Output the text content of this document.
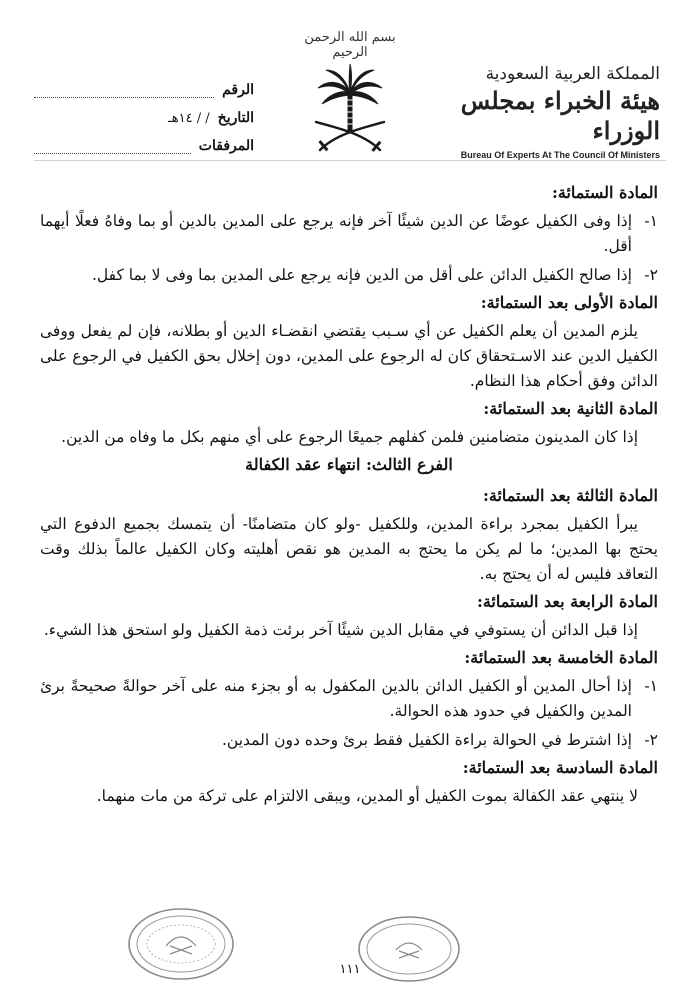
المملكة العربية السعودية
هيئة الخبراء بمجلس الوزراء
Bureau Of Experts At The Council Of Ministers
بسم الله الرحمن الرحيم
الرقم
التاريخ
/ / ١٤هـ
المرفقات

المادة الستمائة:

١-
إذا وفى الكفيل عوضًا عن الدين شيئًا آخر فإنه يرجع على المدين بالدين أو بما وفاهُ فعلًا أيهما أقل.
٢-
إذا صالح الكفيل الدائن على أقل من الدين فإنه يرجع على المدين بما وفى لا بما كفل.

المادة الأولى بعد الستمائة:

يلزم المدين أن يعلم الكفيل عن أي سـبب يقتضي انقضـاء الدين أو بطلانه، فإن لم يفعل ووفى الكفيل الدين عند الاسـتحقاق كان له الرجوع على المدين، دون إخلال بحق الكفيل في الرجوع على الدائن وفق أحكام هذا النظام.

المادة الثانية بعد الستمائة:

إذا كان المدينون متضامنين فلمن كفلهم جميعًا الرجوع على أي منهم بكل ما وفاه من الدين.

الفرع الثالث: انتهاء عقد الكفالة

المادة الثالثة بعد الستمائة:

يبرأ الكفيل بمجرد براءة المدين، وللكفيل -ولو كان متضامنًا- أن يتمسك بجميع الدفوع التي يحتج بها المدين؛ ما لم يكن ما يحتج به المدين هو نقص أهليته وكان الكفيل عالماً بذلك وقت التعاقد فليس له أن يحتج به.

المادة الرابعة بعد الستمائة:

إذا قبل الدائن أن يستوفي في مقابل الدين شيئًا آخر برئت ذمة الكفيل ولو استحق هذا الشيء.

المادة الخامسة بعد الستمائة:

١-
إذا أحال المدين أو الكفيل الدائن بالدين المكفول به أو بجزء منه على آخر حوالةً صحيحةً برئ المدين والكفيل في حدود هذه الحوالة.
٢-
إذا اشترط في الحوالة براءة الكفيل فقط برئ وحده دون المدين.

المادة السادسة بعد الستمائة:

لا ينتهي عقد الكفالة بموت الكفيل أو المدين، ويبقى الالتزام على تركة من مات منهما.

١١١
